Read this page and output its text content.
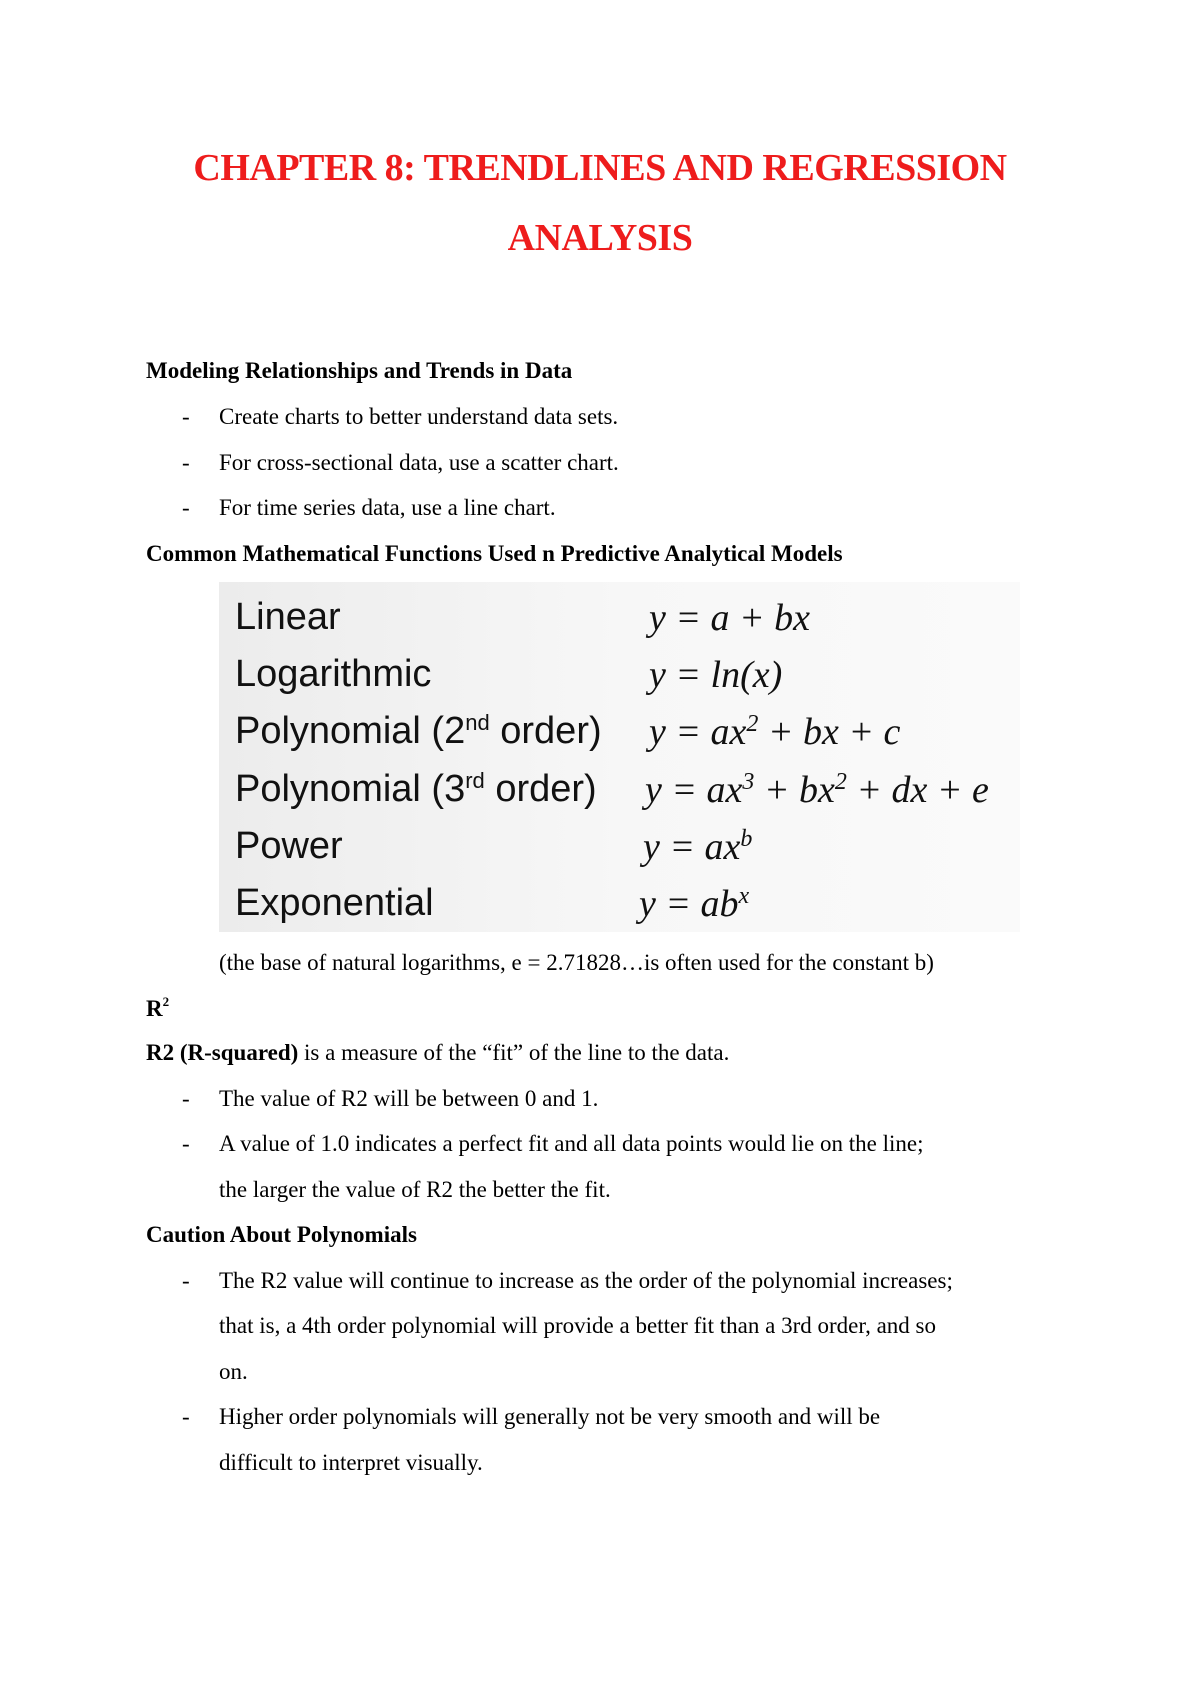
CHAPTER 8: TRENDLINES AND REGRESSION
ANALYSIS
Modeling Relationships and Trends in Data
- Create charts to better understand data sets.
- For cross-sectional data, use a scatter chart.
- For time series data, use a line chart.
Common Mathematical Functions Used n Predictive Analytical Models
Linear	y = a + bx
Logarithmic	y = ln(x)
Polynomial (2nd order) $y = ax^2$ + bx + c
Polynomial (3rd order) $y = ax^3 + bx^2$ + dx + e
Power	$y = ax^b$
Exponential	$y = ab^x$
(the base of natural logarithms, e = 2.71828…is often used for the constant b)
$R^2$
R2 (R-squared) is a measure of the “fit” of the line to the data.
- The value of R2 will be between 0 and 1.
- A value of 1.0 indicates a perfect fit and all data points would lie on the line;
the larger the value of R2 the better the fit.
Caution About Polynomials
- The R2 value will continue to increase as the order of the polynomial increases;
that is, a 4th order polynomial will provide a better fit than a 3rd order, and so
on.
- Higher order polynomials will generally not be very smooth and will be
difficult to interpret visually.
